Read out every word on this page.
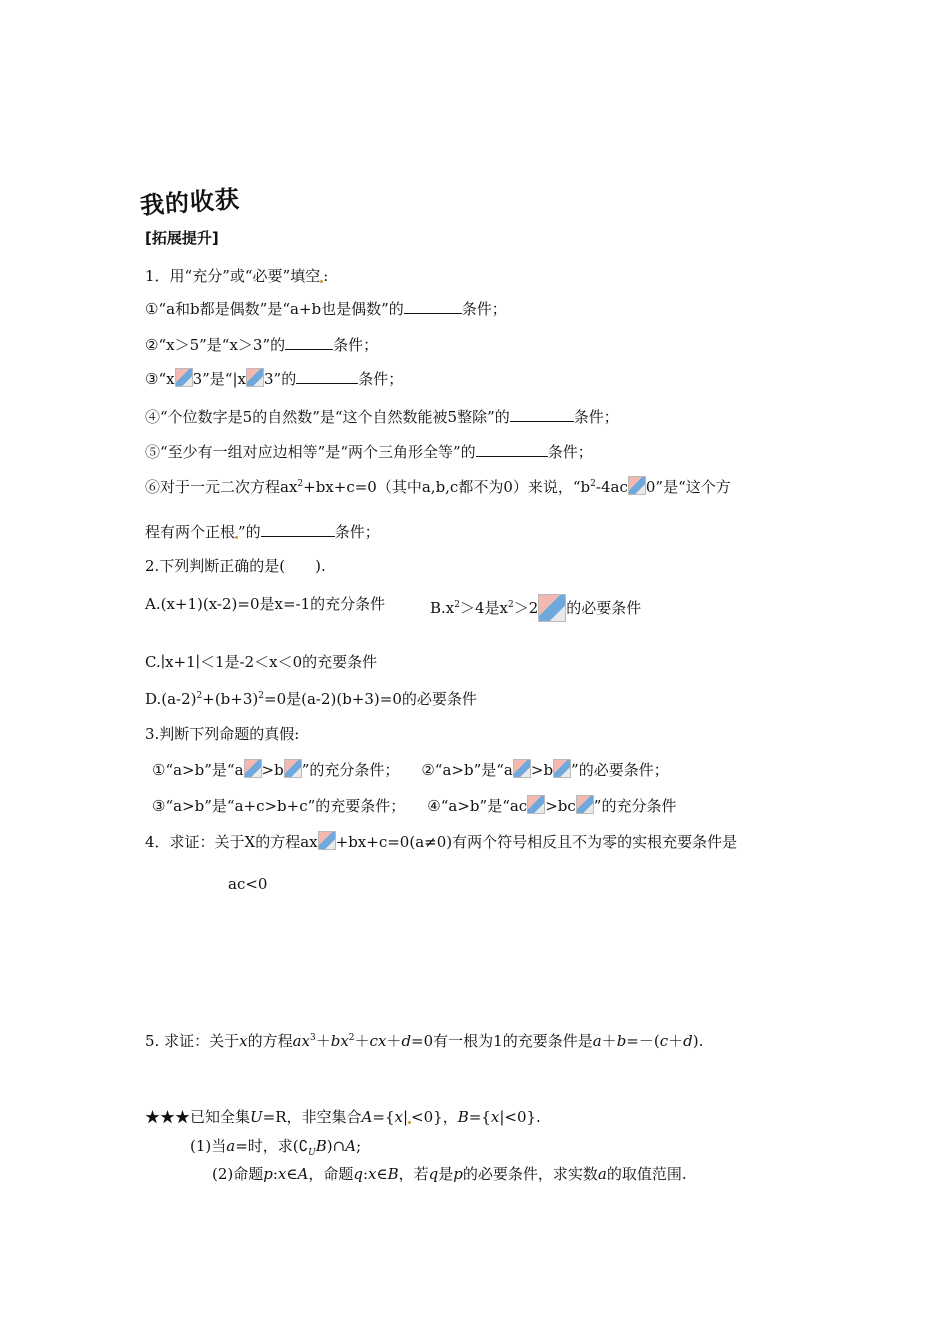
我的收获
[拓展提升]
1．用“充分”或“必要”填空 :
①“a和b都是偶数”是“a+b也是偶数”的	条件；
②“x＞5”是“x＞3”的	条件；
③“x 3”是“|x 3”的	条件；
④“个位数字是5的自然数”是“这个自然数能被5整除”的	条件；
⑤“至少有一组对应边相等”是“两个三角形全等”的	条件；
⑥对于一元二次方程$ax^2+bx+c=0$（其中a,b,c都不为0）来说，“$b^2-4ac$ 0”是“这个方
程有两个正根 ”的	条件；
2.下列判断正确的是(　　).
A.(x+1)(x-2)=0是x=-1的充分条件	$B.x^2>4$是$x^2>2$ 的必要条件
C.∣x+1∣＜1是-2＜x＜0的充要条件
$D.(a-2)^2+(b+3)^2=0$是(a-2)(b+3)=0的必要条件
3.判断下列命题的真假:
①“a>b”是“a >b ”的充分条件； ②“a>b”是“a >b ”的必要条件；
③“a>b”是“a+c>b+c”的充要条件； ④“a>b”是“ac >bc ”的充分条件
4．求证：关于X的方程ax +bx+c=0(a≠0)有两个符号相反且不为零的实根充要条件是
ac<0
5. 求证：关于x的方程$ax^3+bx^2+cx+d=0$有一根为1的充要条件是a＋b=－(c＋d).
★★★已知全集U=R，非空集合A={x| <0}，B={x|<0}.
(1)当a=时，求$(∁_UB)\cap A$;
(2)命题p:x∈A，命题q:x∈B，若q是p的必要条件，求实数a的取值范围.
